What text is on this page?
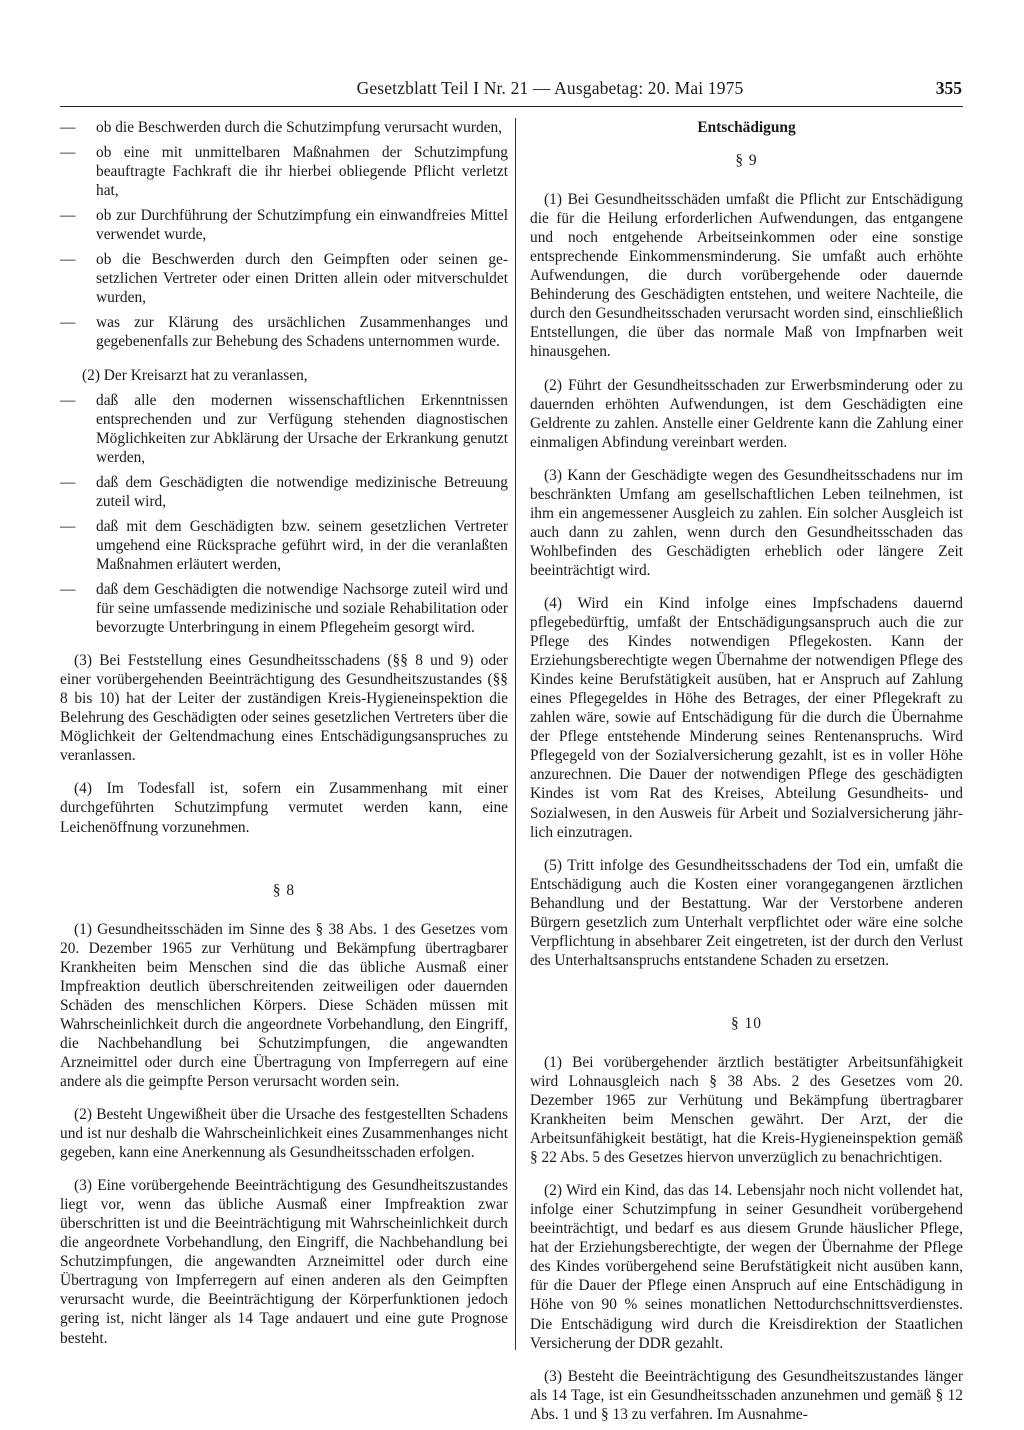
Gesetzblatt Teil I Nr. 21 — Ausgabetag: 20. Mai 1975	355
— ob die Beschwerden durch die Schutzimpfung verursacht wurden,
— ob eine mit unmittelbaren Maßnahmen der Schutzimpfung beauftragte Fachkraft die ihr hierbei obliegende Pflicht verletzt hat,
— ob zur Durchführung der Schutzimpfung ein einwandfreies Mittel verwendet wurde,
— ob die Beschwerden durch den Geimpften oder seinen gesetzlichen Vertreter oder einen Dritten allein oder mitverschuldet wurden,
— was zur Klärung des ursächlichen Zusammenhanges und gegebenenfalls zur Behebung des Schadens unternommen wurde.
(2) Der Kreisarzt hat zu veranlassen,
— daß alle den modernen wissenschaftlichen Erkenntnissen entsprechenden und zur Verfügung stehenden diagnostischen Möglichkeiten zur Abklärung der Ursache der Erkrankung genutzt werden,
— daß dem Geschädigten die notwendige medizinische Betreuung zuteil wird,
— daß mit dem Geschädigten bzw. seinem gesetzlichen Vertreter umgehend eine Rücksprache geführt wird, in der die veranlaßten Maßnahmen erläutert werden,
— daß dem Geschädigten die notwendige Nachsorge zuteil wird und für seine umfassende medizinische und soziale Rehabilitation oder bevorzugte Unterbringung in einem Pflegeheim gesorgt wird.
(3) Bei Feststellung eines Gesundheitsschadens (§§ 8 und 9) oder einer vorübergehenden Beeinträchtigung des Gesundheitszustandes (§§ 8 bis 10) hat der Leiter der zuständigen Kreis-Hygieneinspektion die Belehrung des Geschädigten oder seines gesetzlichen Vertreters über die Möglichkeit der Geltendmachung eines Entschädigungsanspruches zu veranlassen.
(4) Im Todesfall ist, sofern ein Zusammenhang mit einer durchgeführten Schutzimpfung vermutet werden kann, eine Leichenöffnung vorzunehmen.
§ 8
(1) Gesundheitsschäden im Sinne des § 38 Abs. 1 des Gesetzes vom 20. Dezember 1965 zur Verhütung und Bekämpfung übertragbarer Krankheiten beim Menschen sind die das übliche Ausmaß einer Impfreaktion deutlich überschreitenden zeitweiligen oder dauernden Schäden des menschlichen Körpers. Diese Schäden müssen mit Wahrscheinlichkeit durch die angeordnete Vorbehandlung, den Eingriff, die Nachbehandlung bei Schutzimpfungen, die angewandten Arzneimittel oder durch eine Übertragung von Impferregern auf eine andere als die geimpfte Person verursacht worden sein.
(2) Besteht Ungewißheit über die Ursache des festgestellten Schadens und ist nur deshalb die Wahrscheinlichkeit eines Zusammenhanges nicht gegeben, kann eine Anerkennung als Gesundheitsschaden erfolgen.
(3) Eine vorübergehende Beeinträchtigung des Gesundheitszustandes liegt vor, wenn das übliche Ausmaß einer Impfreaktion zwar überschritten ist und die Beeinträchtigung mit Wahrscheinlichkeit durch die angeordnete Vorbehandlung, den Eingriff, die Nachbehandlung bei Schutzimpfungen, die angewandten Arzneimittel oder durch eine Übertragung von Impferregern auf einen anderen als den Geimpften verursacht wurde, die Beeinträchtigung der Körperfunktionen jedoch gering ist, nicht länger als 14 Tage andauert und eine gute Prognose besteht.
Entschädigung
§ 9
(1) Bei Gesundheitsschäden umfaßt die Pflicht zur Entschädigung die für die Heilung erforderlichen Aufwendungen, das entgangene und noch entgehende Arbeitseinkommen oder eine sonstige entsprechende Einkommensminderung. Sie umfaßt auch erhöhte Aufwendungen, die durch vorübergehende oder dauernde Behinderung des Geschädigten entstehen, und weitere Nachteile, die durch den Gesundheitsschaden verursacht worden sind, einschließlich Entstellungen, die über das normale Maß von Impfnarben weit hinausgehen.
(2) Führt der Gesundheitsschaden zur Erwerbsminderung oder zu dauernden erhöhten Aufwendungen, ist dem Geschädigten eine Geldrente zu zahlen. Anstelle einer Geldrente kann die Zahlung einer einmaligen Abfindung vereinbart werden.
(3) Kann der Geschädigte wegen des Gesundheitsschadens nur im beschränkten Umfang am gesellschaftlichen Leben teilnehmen, ist ihm ein angemessener Ausgleich zu zahlen. Ein solcher Ausgleich ist auch dann zu zahlen, wenn durch den Gesundheitsschaden das Wohlbefinden des Geschädigten erheblich oder längere Zeit beeinträchtigt wird.
(4) Wird ein Kind infolge eines Impfschadens dauernd pflegebedürftig, umfaßt der Entschädigungsanspruch auch die zur Pflege des Kindes notwendigen Pflegekosten. Kann der Erziehungsberechtigte wegen Übernahme der notwendigen Pflege des Kindes keine Berufstätigkeit ausüben, hat er Anspruch auf Zahlung eines Pflegegeldes in Höhe des Betrages, der einer Pflegekraft zu zahlen wäre, sowie auf Entschädigung für die durch die Übernahme der Pflege entstehende Minderung seines Rentenanspruchs. Wird Pflegegeld von der Sozialversicherung gezahlt, ist es in voller Höhe anzurechnen. Die Dauer der notwendigen Pflege des geschädigten Kindes ist vom Rat des Kreises, Abteilung Gesundheits- und Sozialwesen, in den Ausweis für Arbeit und Sozialversicherung jährlich einzutragen.
(5) Tritt infolge des Gesundheitsschadens der Tod ein, umfaßt die Entschädigung auch die Kosten einer vorangegangenen ärztlichen Behandlung und der Bestattung. War der Verstorbene anderen Bürgern gesetzlich zum Unterhalt verpflichtet oder wäre eine solche Verpflichtung in absehbarer Zeit eingetreten, ist der durch den Verlust des Unterhaltsanspruchs entstandene Schaden zu ersetzen.
§ 10
(1) Bei vorübergehender ärztlich bestätigter Arbeitsunfähigkeit wird Lohnausgleich nach § 38 Abs. 2 des Gesetzes vom 20. Dezember 1965 zur Verhütung und Bekämpfung übertragbarer Krankheiten beim Menschen gewährt. Der Arzt, der die Arbeitsunfähigkeit bestätigt, hat die Kreis-Hygieneinspektion gemäß § 22 Abs. 5 des Gesetzes hiervon unverzüglich zu benachrichtigen.
(2) Wird ein Kind, das das 14. Lebensjahr noch nicht vollendet hat, infolge einer Schutzimpfung in seiner Gesundheit vorübergehend beeinträchtigt, und bedarf es aus diesem Grunde häuslicher Pflege, hat der Erziehungsberechtigte, der wegen der Übernahme der Pflege des Kindes vorübergehend seine Berufstätigkeit nicht ausüben kann, für die Dauer der Pflege einen Anspruch auf eine Entschädigung in Höhe von 90 % seines monatlichen Nettodurchschnittsverdienstes. Die Entschädigung wird durch die Kreisdirektion der Staatlichen Versicherung der DDR gezahlt.
(3) Besteht die Beeinträchtigung des Gesundheitszustandes länger als 14 Tage, ist ein Gesundheitsschaden anzunehmen und gemäß § 12 Abs. 1 und § 13 zu verfahren. Im Ausnahme-
